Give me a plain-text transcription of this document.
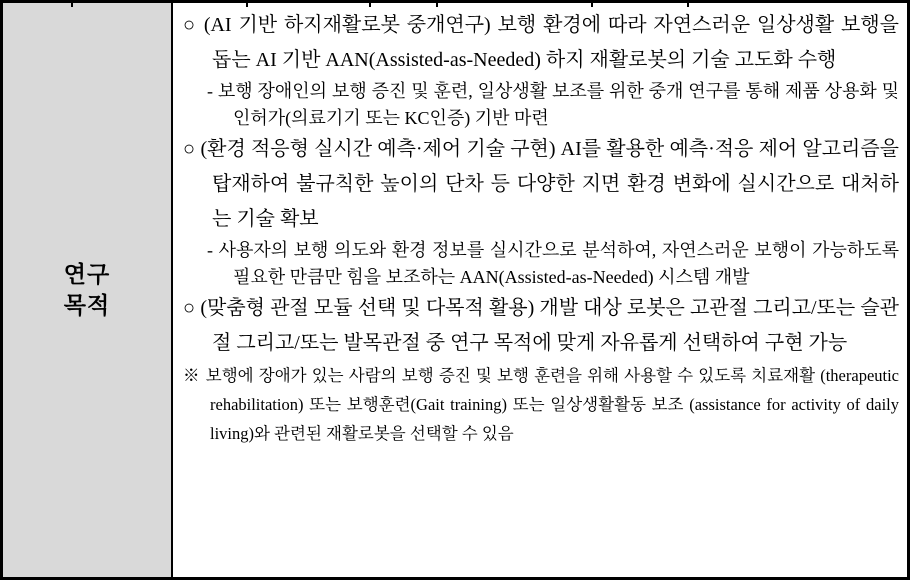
연구
목적

○ (AI 기반 하지재활로봇 중개연구) 보행 환경에 따라 자연스러운 일상생활 보행을 돕는 AI 기반 AAN(Assisted-as-Needed) 하지 재활로봇의 기술 고도화 수행

- 보행 장애인의 보행 증진 및 훈련, 일상생활 보조를 위한 중개 연구를 통해 제품 상용화 및 인허가(의료기기 또는 KC인증) 기반 마련

○ (환경 적응형 실시간 예측·제어 기술 구현) AI를 활용한 예측·적응 제어 알고리즘을 탑재하여 불규칙한 높이의 단차 등 다양한 지면 환경 변화에 실시간으로 대처하는 기술 확보

- 사용자의 보행 의도와 환경 정보를 실시간으로 분석하여, 자연스러운 보행이 가능하도록 필요한 만큼만 힘을 보조하는 AAN(Assisted-as-Needed) 시스템 개발

○ (맞춤형 관절 모듈 선택 및 다목적 활용) 개발 대상 로봇은 고관절 그리고/또는 슬관절 그리고/또는 발목관절 중 연구 목적에 맞게 자유롭게 선택하여 구현 가능

※ 보행에 장애가 있는 사람의 보행 증진 및 보행 훈련을 위해 사용할 수 있도록 치료재활 (therapeutic rehabilitation) 또는 보행훈련(Gait training) 또는 일상생활활동 보조 (assistance for activity of daily living)와 관련된 재활로봇을 선택할 수 있음
